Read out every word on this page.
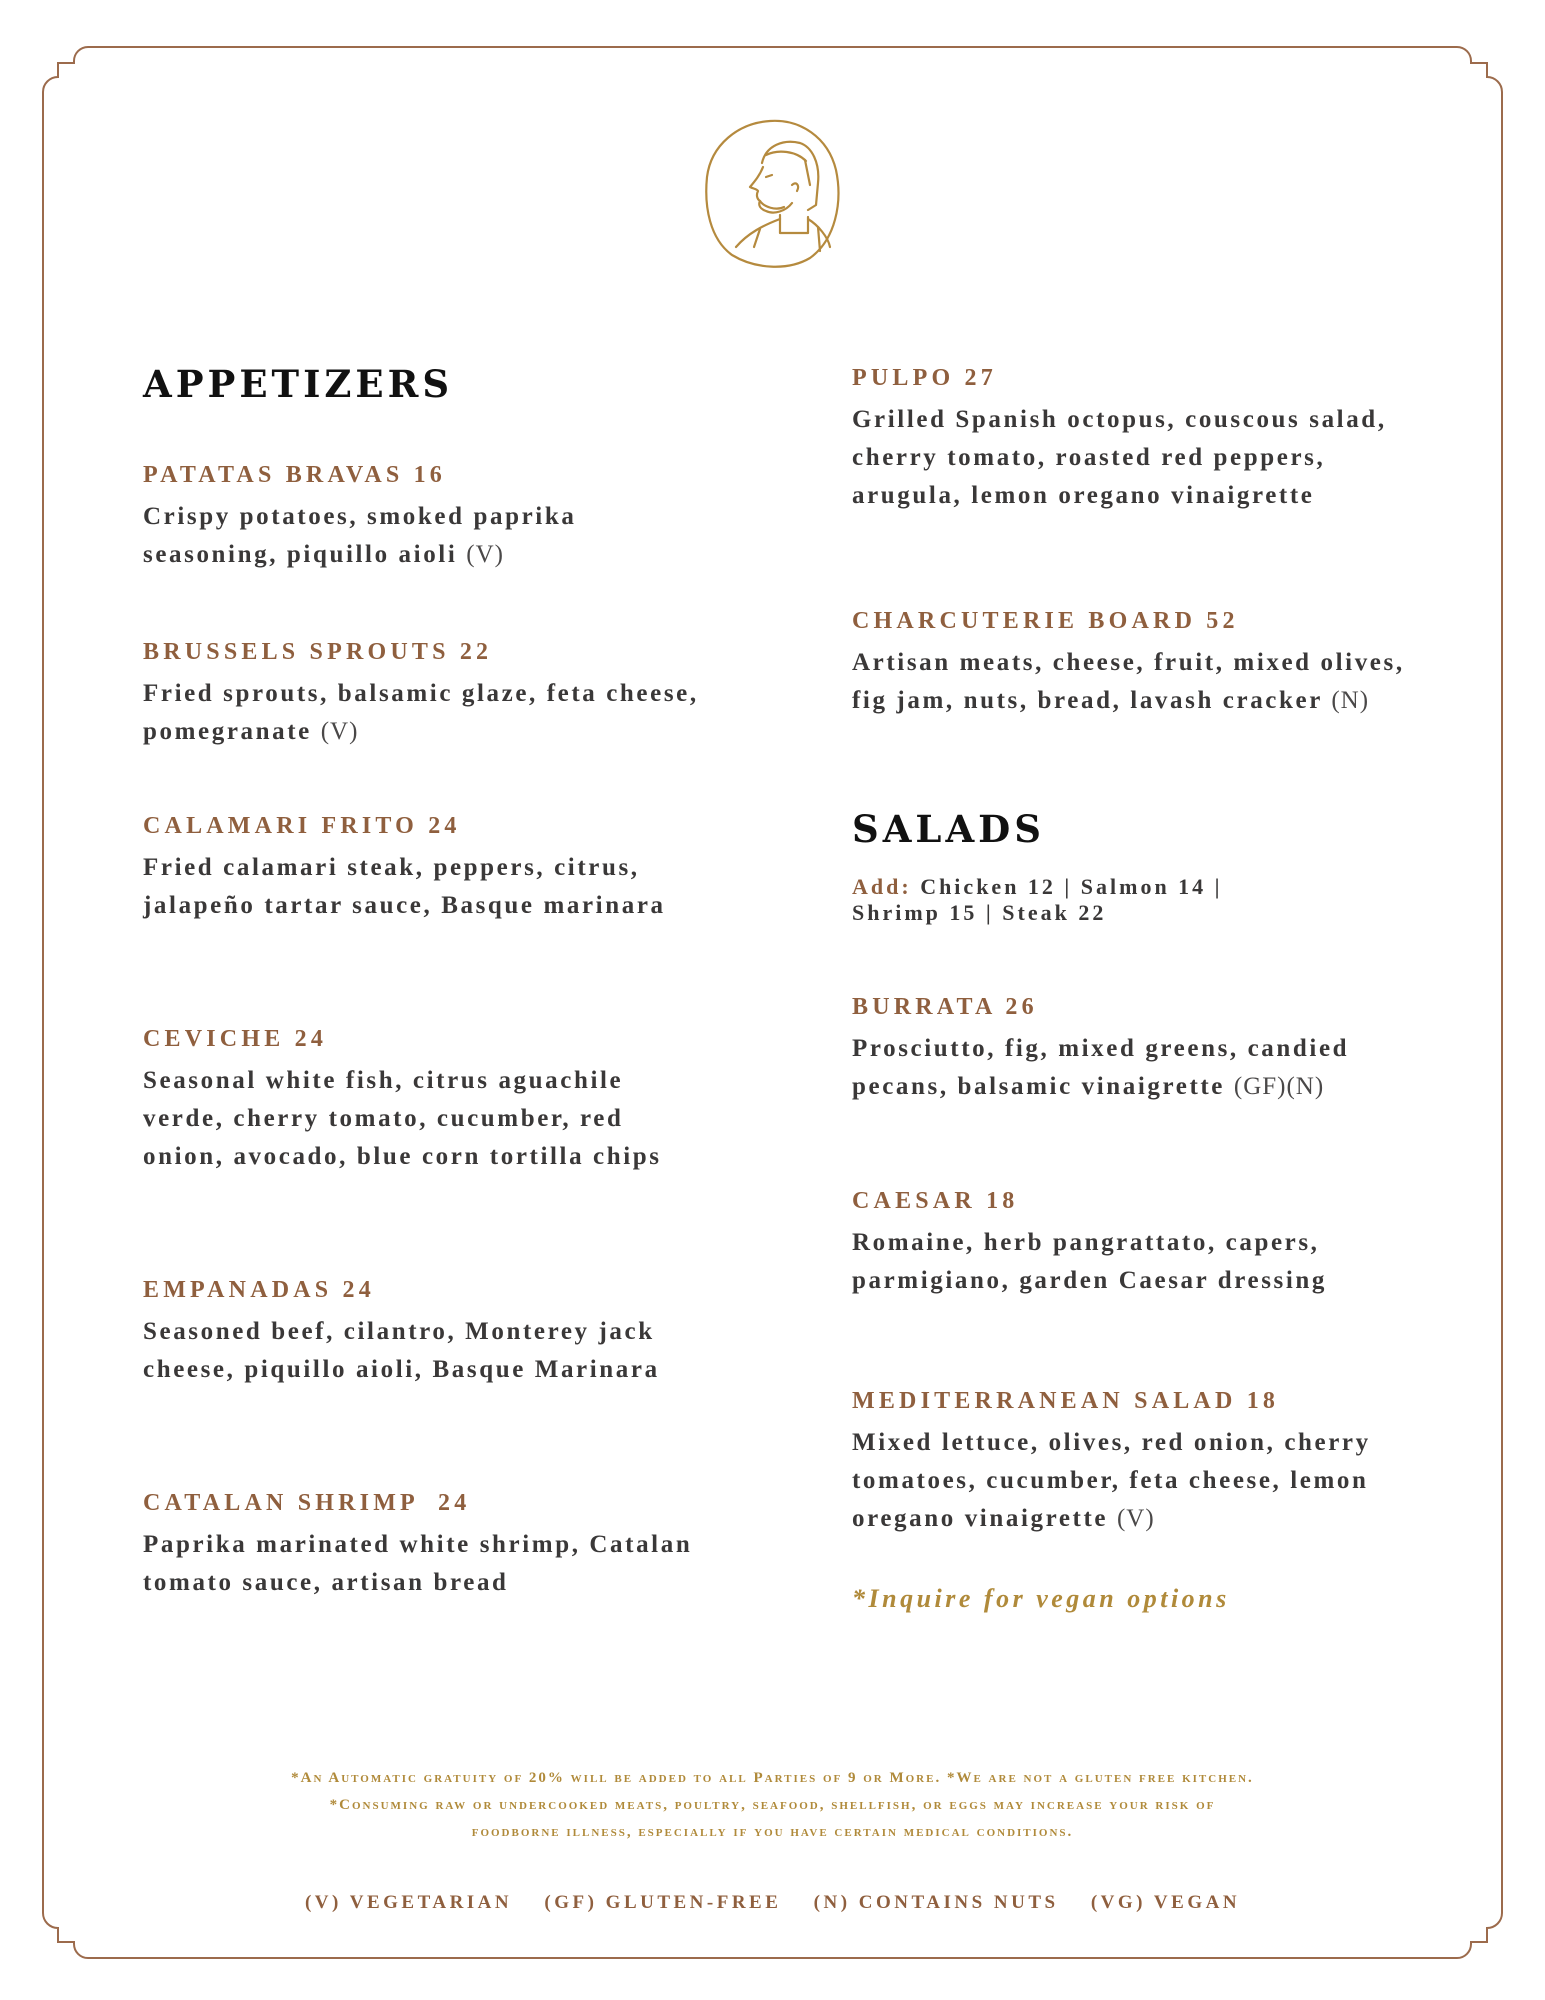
APPETIZERS

PATATAS BRAVAS 16

Crispy potatoes, smoked paprika seasoning, piquillo aioli (V)

BRUSSELS SPROUTS 22

Fried sprouts, balsamic glaze, feta cheese, pomegranate (V)

CALAMARI FRITO 24

Fried calamari steak, peppers, citrus, jalapeño tartar sauce, Basque marinara

CEVICHE 24

Seasonal white fish, citrus aguachile verde, cherry tomato, cucumber, red onion, avocado, blue corn tortilla chips

EMPANADAS 24

Seasoned beef, cilantro, Monterey jack cheese, piquillo aioli, Basque Marinara

CATALAN SHRIMP  24

Paprika marinated white shrimp, Catalan tomato sauce, artisan bread

PULPO 27

Grilled Spanish octopus, couscous salad, cherry tomato, roasted red peppers, arugula, lemon oregano vinaigrette

CHARCUTERIE BOARD 52

Artisan meats, cheese, fruit, mixed olives, fig jam, nuts, bread, lavash cracker (N)

SALADS

Add: Chicken 12 | Salmon 14 | Shrimp 15 | Steak 22

BURRATA 26

Prosciutto, fig, mixed greens, candied pecans, balsamic vinaigrette (GF)(N)

CAESAR 18

Romaine, herb pangrattato, capers, parmigiano, garden Caesar dressing

MEDITERRANEAN SALAD 18

Mixed lettuce, olives, red onion, cherry tomatoes, cucumber, feta cheese, lemon oregano vinaigrette (V)

*Inquire for vegan options

*An Automatic gratuity of 20% will be added to all Parties of 9 or More. *We are not a gluten free kitchen.

*Consuming raw or undercooked meats, poultry, seafood, shellfish, or eggs may increase your risk of

foodborne illness, especially if you have certain medical conditions.

(V) VEGETARIAN (GF) GLUTEN-FREE (N) CONTAINS NUTS (VG) VEGAN
